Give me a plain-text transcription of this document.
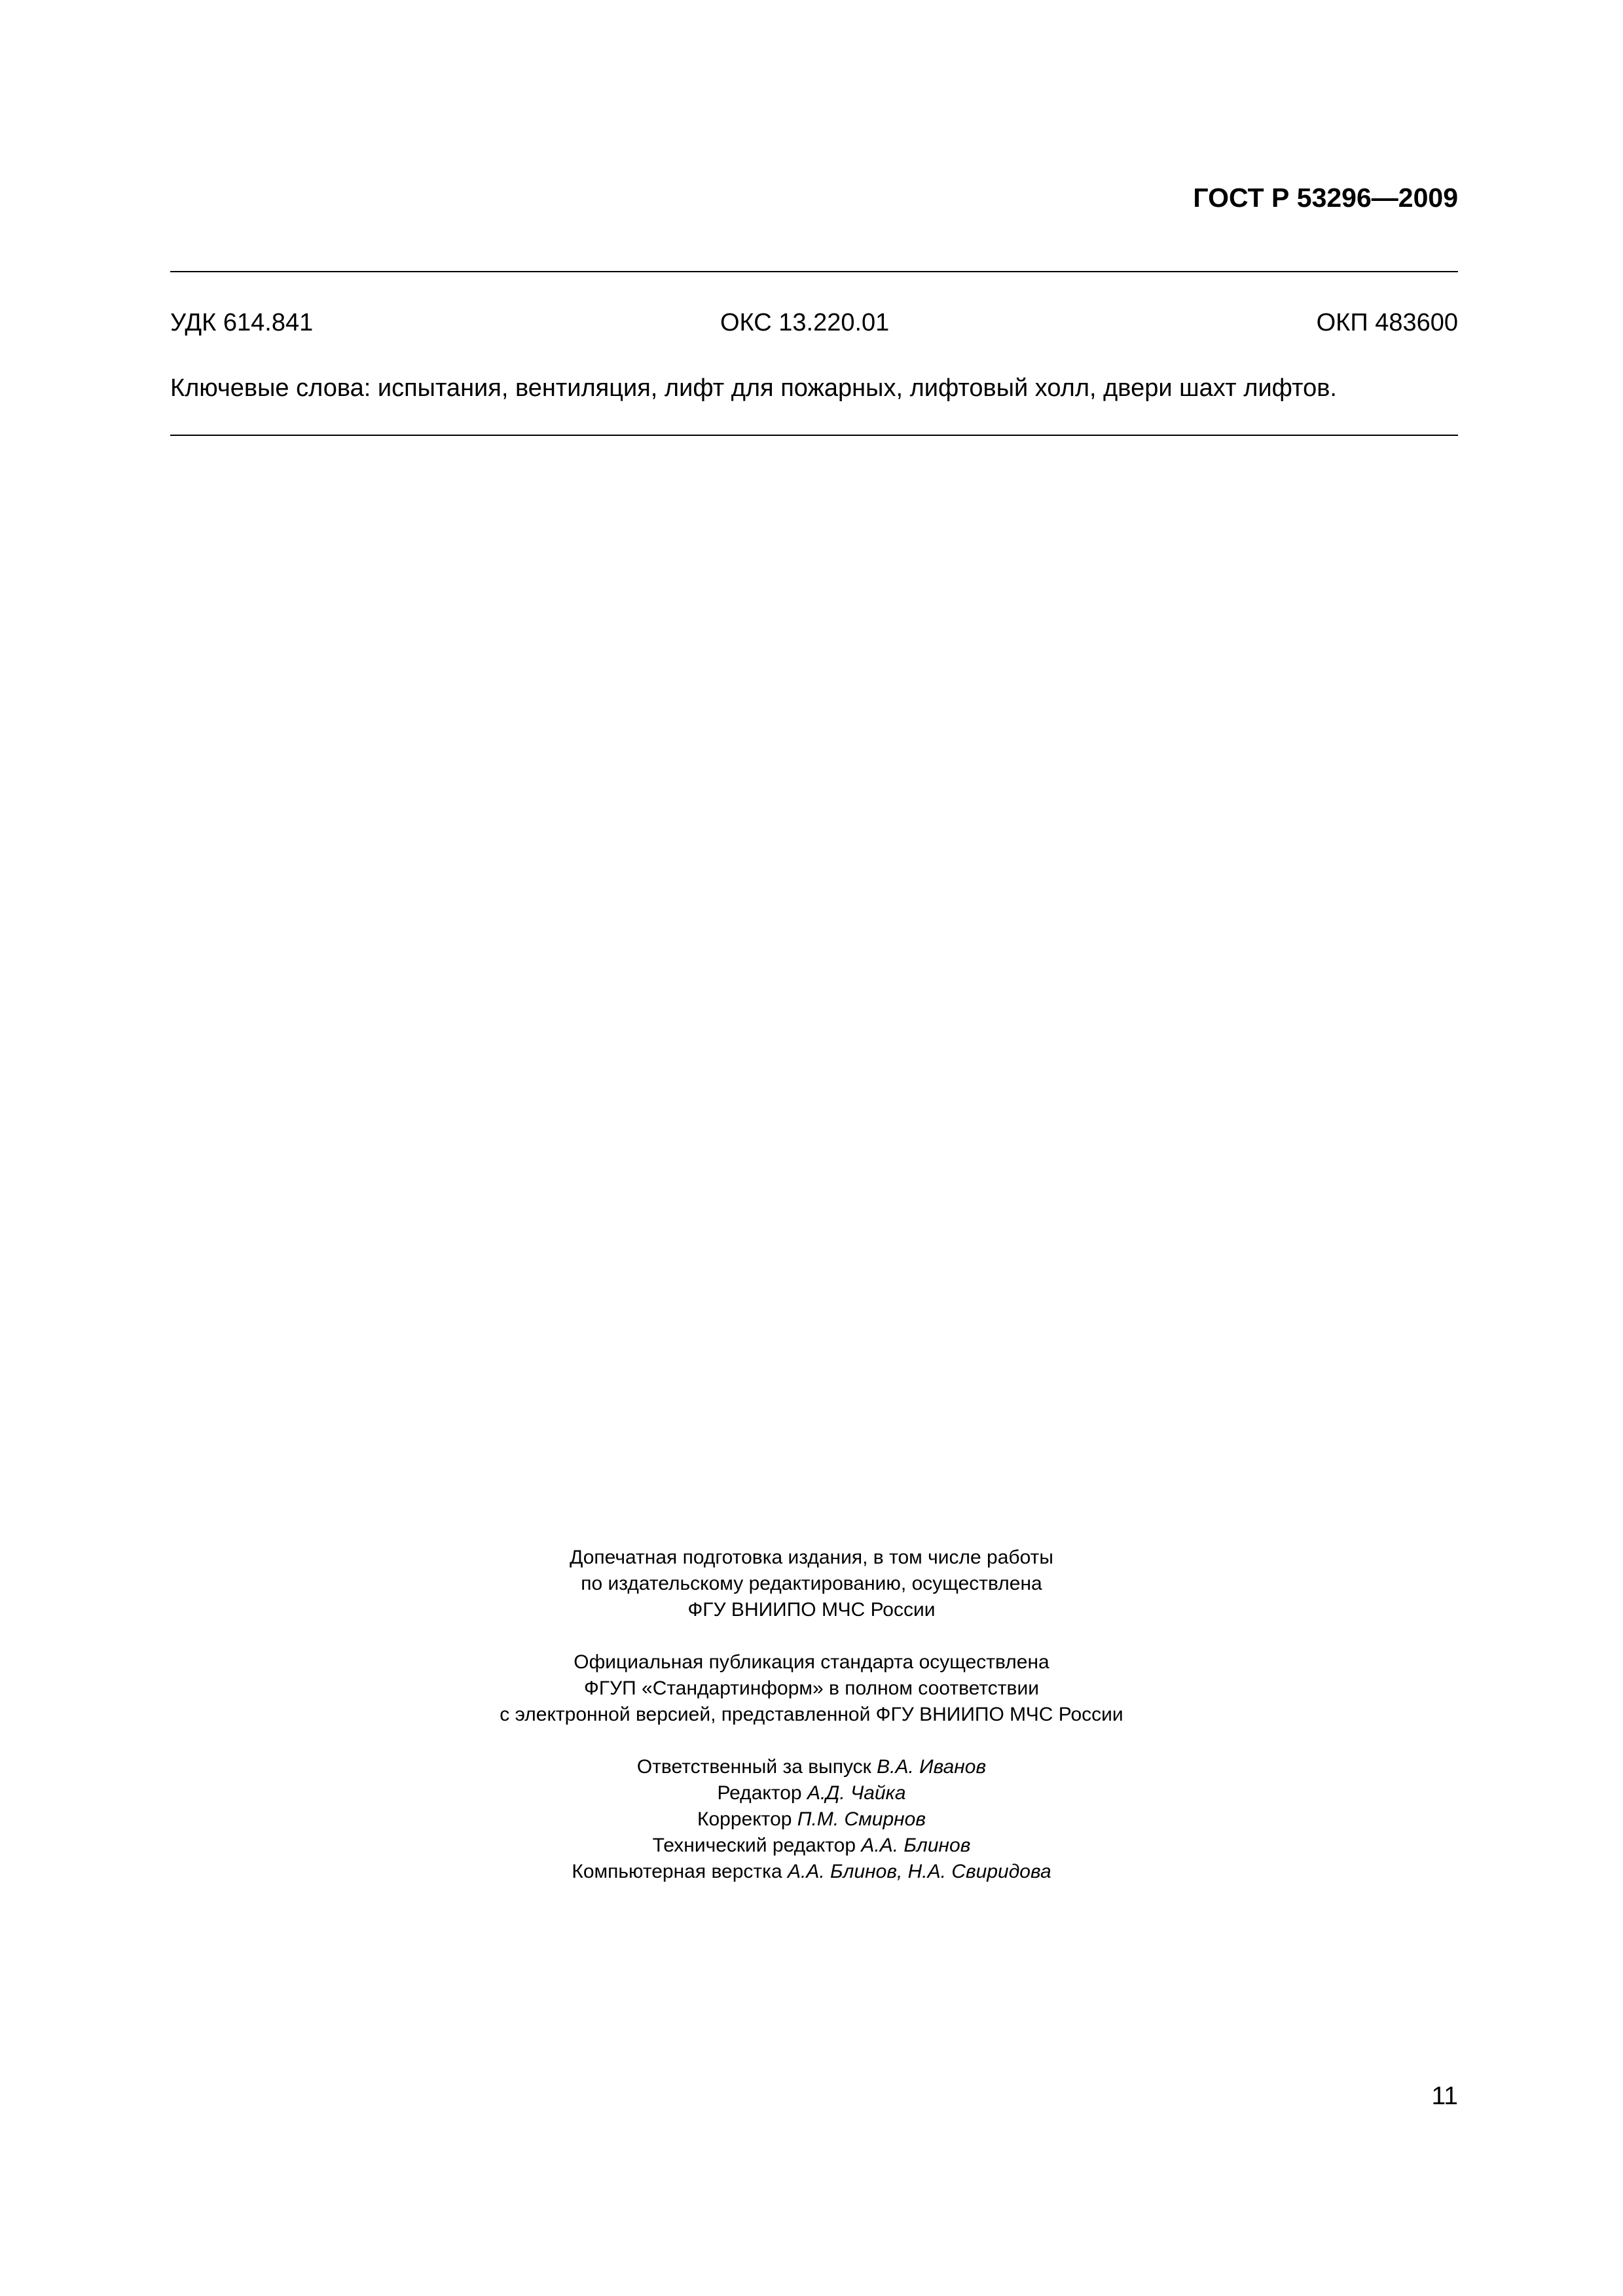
ГОСТ Р 53296—2009
УДК 614.841	ОКС 13.220.01	ОКП 483600
Ключевые слова: испытания, вентиляция, лифт для пожарных, лифтовый холл, двери шахт лифтов.
Допечатная подготовка издания, в том числе работы
по издательскому редактированию, осуществлена
ФГУ ВНИИПО МЧС России
Официальная публикация стандарта осуществлена
ФГУП «Стандартинформ» в полном соответствии
с электронной версией, представленной ФГУ ВНИИПО МЧС России
Ответственный за выпуск В.А. Иванов
Редактор А.Д. Чайка
Корректор П.М. Смирнов
Технический редактор А.А. Блинов
Компьютерная верстка А.А. Блинов, Н.А. Свиридова
11
